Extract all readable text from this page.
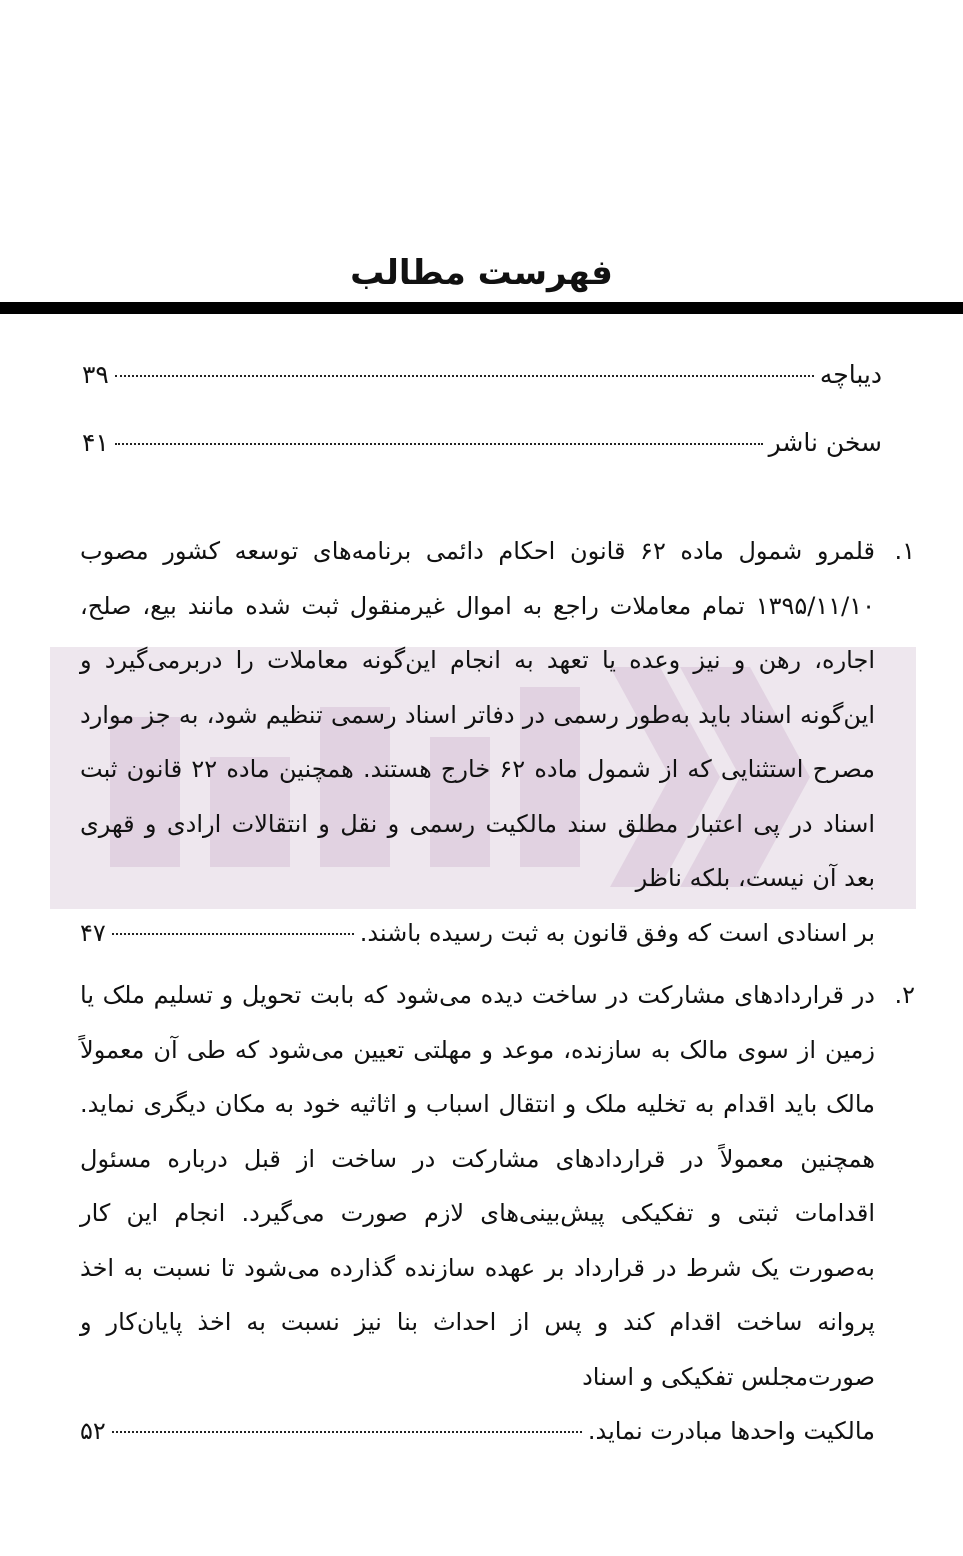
فهرست مطالب
دیباچه
۳۹
سخن ناشر
۴۱
۱.
قلمرو شمول ماده ۶۲ قانون احکام دائمی برنامه‌های توسعه کشور مصوب ۱۳۹۵/۱۱/۱۰ تمام معاملات راجع به اموال غیرمنقول ثبت شده مانند بیع، صلح، اجاره، رهن و نیز وعده یا تعهد به انجام این‌گونه معاملات را دربرمی‌گیرد و این‌گونه اسناد باید به‌طور رسمی در دفاتر اسناد رسمی تنظیم شود، به جز موارد مصرح استثنایی که از شمول ماده ۶۲ خارج هستند. همچنین ماده ۲۲ قانون ثبت اسناد در پی اعتبار مطلق سند مالکیت رسمی و نقل و انتقالات ارادی و قهری بعد آن نیست، بلکه ناظر
بر اسنادی است که وفق قانون به ثبت رسیده باشند.
۴۷
۲.
در قراردادهای مشارکت در ساخت دیده می‌شود که بابت تحویل و تسلیم ملک یا زمین از سوی مالک به سازنده، موعد و مهلتی تعیین می‌شود که طی آن معمولاً مالک باید اقدام به تخلیه ملک و انتقال اسباب و اثاثیه خود به مکان دیگری نماید. همچنین معمولاً در قراردادهای مشارکت در ساخت از قبل درباره مسئول اقدامات ثبتی و تفکیکی پیش‌بینی‌های لازم صورت می‌گیرد. انجام این کار به‌صورت یک شرط در قرارداد بر عهده سازنده گذارده می‌شود تا نسبت به اخذ پروانه ساخت اقدام کند و پس از احداث بنا نیز نسبت به اخذ پایان‌کار و صورت‌مجلس تفکیکی و اسناد
مالکیت واحدها مبادرت نماید.
۵۲
